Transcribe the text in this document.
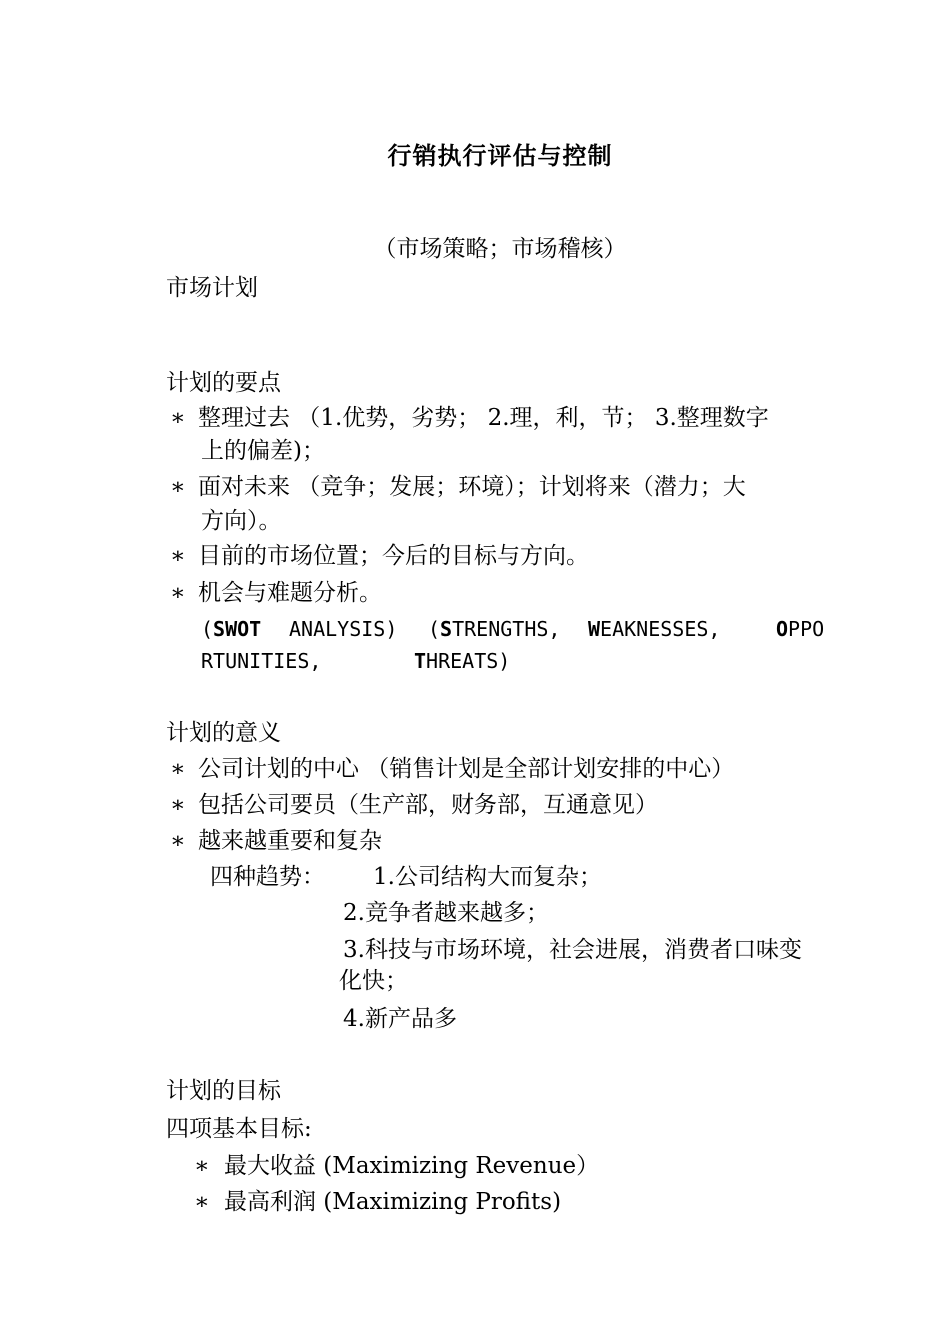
行销执行评估与控制
（市场策略；市场稽核）
市场计划
计划的要点
∗ 整理过去 （1.优势，劣势； 2.理，利，节； 3.整理数字
上的偏差)；
∗ 面对未来 （竞争；发展；环境）；计划将来（潜力；大
方向）。
∗ 目前的市场位置；今后的目标与方向。
∗ 机会与难题分析。
(SWOT ANALYSIS) (STRENGTHS, WEAKNESSES,	OPPO
RTUNITIES,	THREATS)
计划的意义
∗ 公司计划的中心 （销售计划是全部计划安排的中心）
∗ 包括公司要员（生产部，财务部，互通意见）
∗ 越来越重要和复杂
四种趋势： 1.公司结构大而复杂；
2.竞争者越来越多；
3.科技与市场环境，社会进展，消费者口味变
化快；
4.新产品多
计划的目标
四项基本目标:
∗ 最大收益 (Maximizing Revenue）
∗ 最高利润 (Maximizing Profits)
